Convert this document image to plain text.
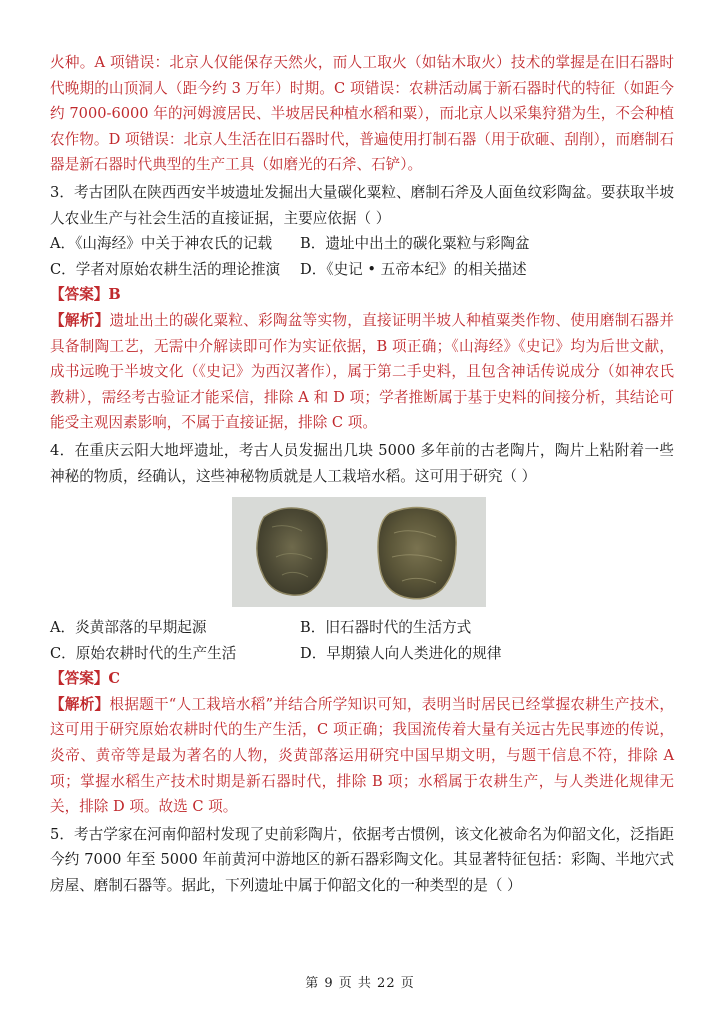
火种。A 项错误：北京人仅能保存天然火，而人工取火（如钻木取火）技术的掌握是在旧石器时代晚期的山顶洞人（距今约 3 万年）时期。C 项错误：农耕活动属于新石器时代的特征（如距今约 7000-6000 年的河姆渡居民、半坡居民种植水稻和粟），而北京人以采集狩猎为生，不会种植农作物。D 项错误：北京人生活在旧石器时代，普遍使用打制石器（用于砍砸、刮削），而磨制石器是新石器时代典型的生产工具（如磨光的石斧、石铲）。

3．考古团队在陕西西安半坡遗址发掘出大量碳化粟粒、磨制石斧及人面鱼纹彩陶盆。要获取半坡人农业生产与社会生活的直接证据，主要应依据（ ）

A．《山海经》中关于神农氏的记载	B．遗址中出土的碳化粟粒与彩陶盆
C．学者对原始农耕生活的理论推演	D．《史记 • 五帝本纪》的相关描述

【答案】B

【解析】遗址出土的碳化粟粒、彩陶盆等实物，直接证明半坡人种植粟类作物、使用磨制石器并具备制陶工艺，无需中介解读即可作为实证依据，B 项正确；《山海经》《史记》均为后世文献，成书远晚于半坡文化（《史记》为西汉著作），属于第二手史料，且包含神话传说成分（如神农氏教耕），需经考古验证才能采信，排除 A 和 D 项；学者推断属于基于史料的间接分析，其结论可能受主观因素影响，不属于直接证据，排除 C 项。

4．在重庆云阳大地坪遗址，考古人员发掘出几块 5000 多年前的古老陶片，陶片上粘附着一些神秘的物质，经确认，这些神秘物质就是人工栽培水稻。这可用于研究（ ）

A．炎黄部落的早期起源	B．旧石器时代的生活方式
C．原始农耕时代的生产生活	D．早期猿人向人类进化的规律

【答案】C

【解析】根据题干“人工栽培水稻”并结合所学知识可知，表明当时居民已经掌握农耕生产技术，这可用于研究原始农耕时代的生产生活，C 项正确；我国流传着大量有关远古先民事迹的传说，炎帝、黄帝等是最为著名的人物，炎黄部落运用研究中国早期文明，与题干信息不符，排除 A 项；掌握水稻生产技术时期是新石器时代，排除 B 项；水稻属于农耕生产，与人类进化规律无关，排除 D 项。故选 C 项。

5．考古学家在河南仰韶村发现了史前彩陶片，依据考古惯例，该文化被命名为仰韶文化，泛指距今约 7000 年至 5000 年前黄河中游地区的新石器彩陶文化。其显著特征包括：彩陶、半地穴式房屋、磨制石器等。据此，下列遗址中属于仰韶文化的一种类型的是（ ）

第 9 页 共 22 页
